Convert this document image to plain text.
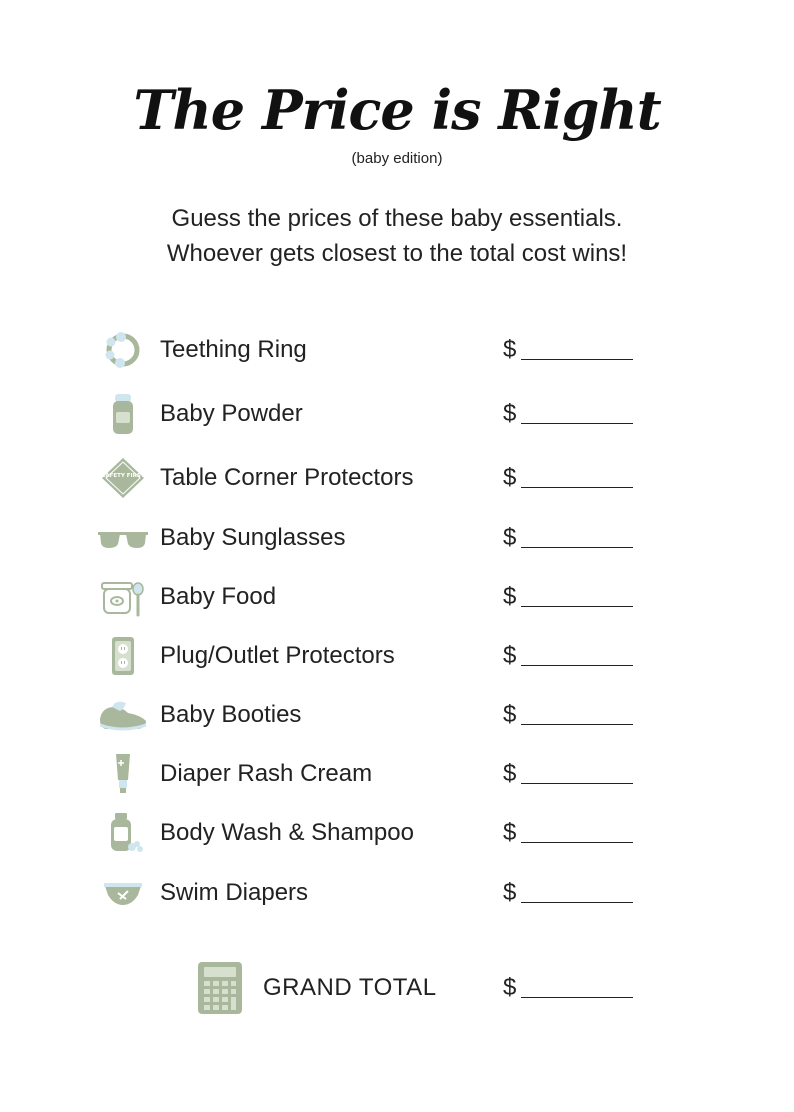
The Price is Right
(baby edition)
Guess the prices of these baby essentials.
Whoever gets closest to the total cost wins!
Teething Ring	$
Baby Powder	$
SAFETY FIRST Table Corner Protectors	$
Baby Sunglasses	$
Baby Food	$
Plug/Outlet Protectors	$
Baby Booties	$
Diaper Rash Cream	$
Body Wash & Shampoo	$
Swim Diapers	$
GRAND TOTAL	$
